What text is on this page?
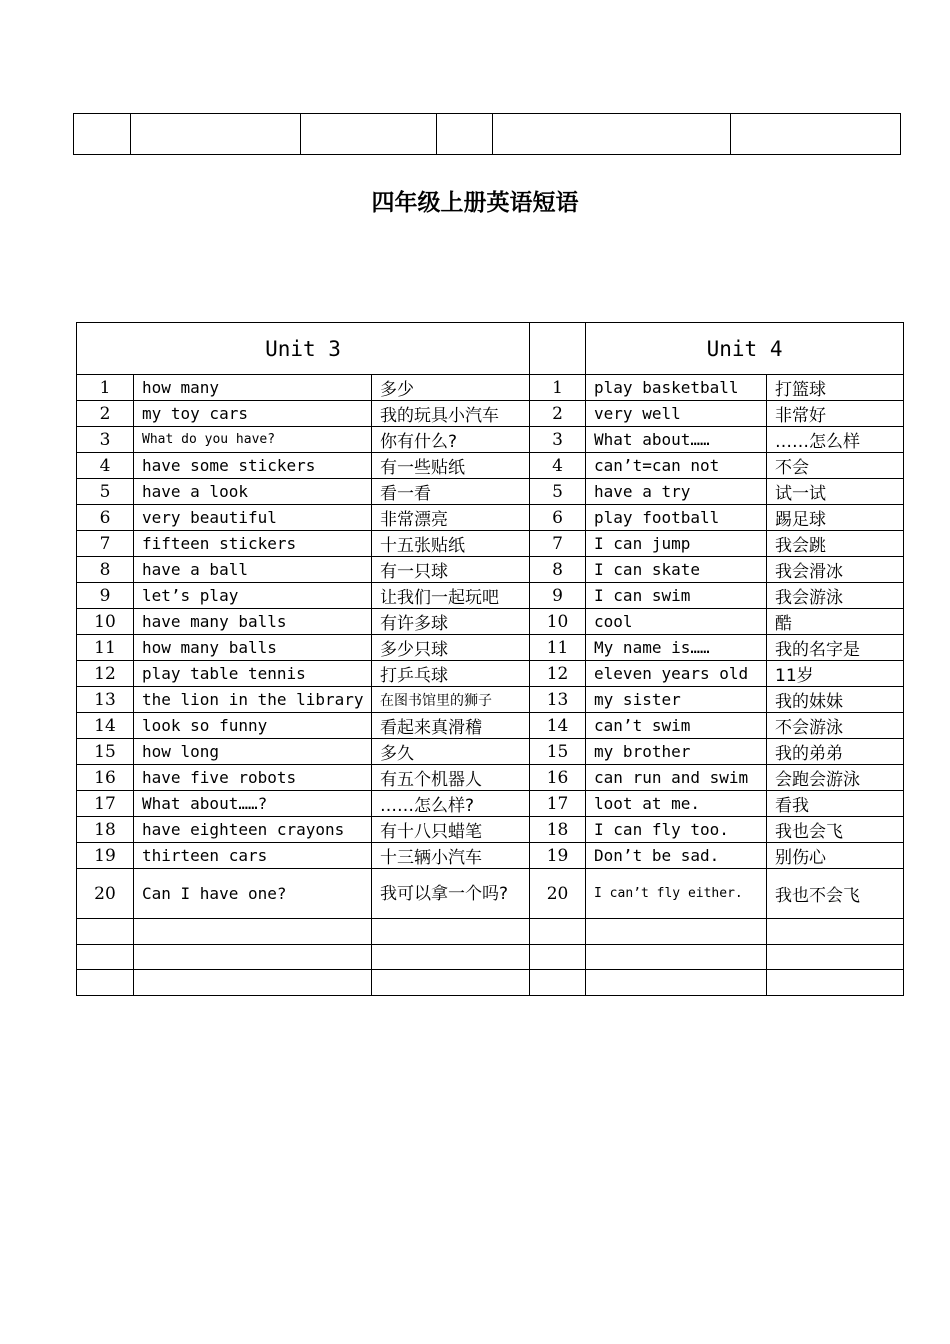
四年级上册英语短语
Unit 3				Unit 4	
1	how many	多少	1	play basketball	打篮球
2	my toy cars	我的玩具小汽车	2	very well	非常好
3	What do you have?	你有什么?	3	What about……	……怎么样
4	have some stickers	有一些贴纸	4	can’t=can not	不会
5	have a look	看一看	5	have a try	试一试
6	very beautiful	非常漂亮	6	play football	踢足球
7	fifteen stickers	十五张贴纸	7	I can jump	我会跳
8	have a ball	有一只球	8	I can skate	我会滑冰
9	let’s play	让我们一起玩吧	9	I can swim	我会游泳
10	have many balls	有许多球	10	cool	酷
11	how many balls	多少只球	11	My name is……	我的名字是
12	play table tennis	打乒乓球	12	eleven years old	11岁
13	the lion in the library	在图书馆里的狮子	13	my sister	我的妹妹
14	look so funny	看起来真滑稽	14	can’t swim	不会游泳
15	how long	多久	15	my brother	我的弟弟
16	have five robots	有五个机器人	16	can run and swim	会跑会游泳
17	What about……?	……怎么样?	17	loot at me.	看我
18	have eighteen crayons	有十八只蜡笔	18	I can fly too.	我也会飞
19	thirteen cars	十三辆小汽车	19	Don’t be sad.	别伤心
20	Can I have one?	我可以拿一个吗?	20	I can’t fly either.	我也不会飞
